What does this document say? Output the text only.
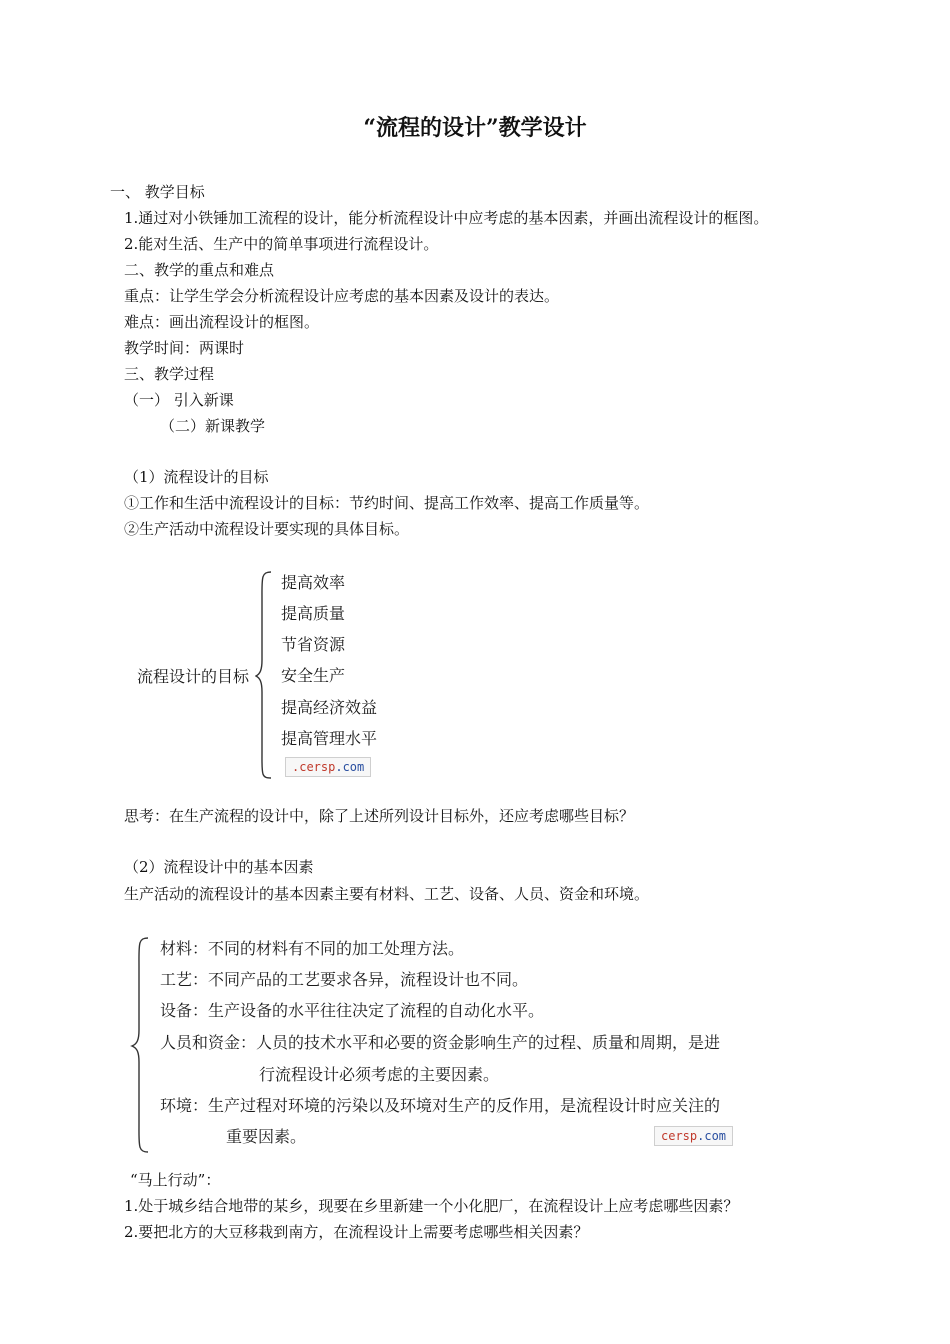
“流程的设计”教学设计
一、 教学目标
1.通过对小铁锤加工流程的设计，能分析流程设计中应考虑的基本因素，并画出流程设计的框图。
2.能对生活、生产中的简单事项进行流程设计。
二、教学的重点和难点
重点：让学生学会分析流程设计应考虑的基本因素及设计的表达。
难点：画出流程设计的框图。
教学时间：两课时
三、教学过程
（一） 引入新课
（二）新课教学
（1）流程设计的目标
①工作和生活中流程设计的目标：节约时间、提高工作效率、提高工作质量等。
②生产活动中流程设计要实现的具体目标。
流程设计的目标
提高效率
提高质量
节省资源
安全生产
提高经济效益
提高管理水平
.cersp.com
思考：在生产流程的设计中，除了上述所列设计目标外，还应考虑哪些目标？
（2）流程设计中的基本因素
生产活动的流程设计的基本因素主要有材料、工艺、设备、人员、资金和环境。
材料：不同的材料有不同的加工处理方法。
工艺：不同产品的工艺要求各异，流程设计也不同。
设备：生产设备的水平往往决定了流程的自动化水平。
人员和资金：人员的技术水平和必要的资金影响生产的过程、质量和周期，是进
行流程设计必须考虑的主要因素。
环境：生产过程对环境的污染以及环境对生产的反作用，是流程设计时应关注的
重要因素。	cersp.com
“马上行动”：
1.处于城乡结合地带的某乡，现要在乡里新建一个小化肥厂，在流程设计上应考虑哪些因素？
2.要把北方的大豆移栽到南方，在流程设计上需要考虑哪些相关因素？
